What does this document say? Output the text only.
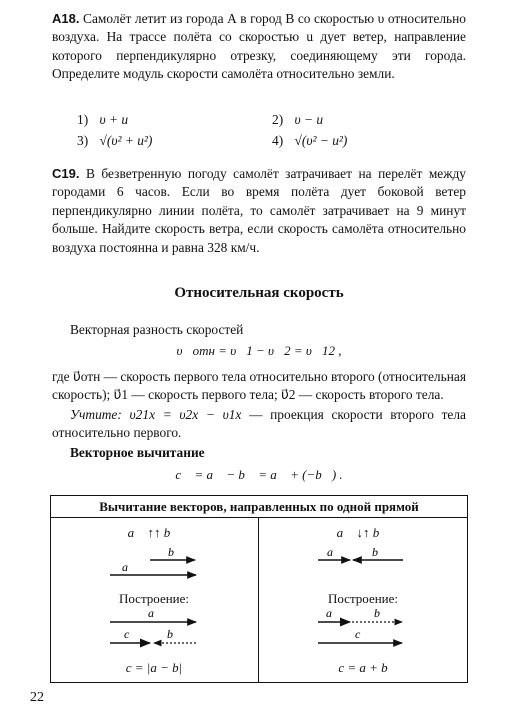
А18. Самолёт летит из города А в город В со скоростью υ относительно воздуха. На трассе полёта со скоростью u дует ветер, направление которого перпендикулярно отрезку, соединяющему эти города. Определите модуль скорости самолёта относительно земли.

1) υ + u	2) υ − u
3) √(υ² + u²)	4) √(υ² − u²)

С19. В безветренную погоду самолёт затрачивает на перелёт между городами 6 часов. Если во время полёта дует боковой ветер перпендикулярно линии полёта, то самолёт затрачивает на 9 минут больше. Найдите скорость ветра, если скорость самолёта относительно воздуха постоянна и равна 328 км/ч.

Относительная скорость
Векторная разность скоростей
υ⃗отн = υ⃗1 − υ⃗2 = υ⃗12 ,

где υ⃗отн — скорость первого тела относительно второго (относительная скорость); υ⃗1 — скорость первого тела; υ⃗2 — скорость второго тела.

Учтите: υ21x = υ2x − υ1x — проекция скорости второго тела относительно первого.

Векторное вычитание
c⃗ = a⃗ − b⃗ = a⃗ + (−b⃗) .
Вычитание векторов, направленных по одной прямой
a⃗ ↑↑ b⃗
Построение:
c = |a − b|
a⃗ ↓↑ b⃗
Построение:
c = a + b
b⃗
a⃗
a⃗
c⃗ b⃗
a⃗ b⃗
a⃗	b⃗
c⃗
22
